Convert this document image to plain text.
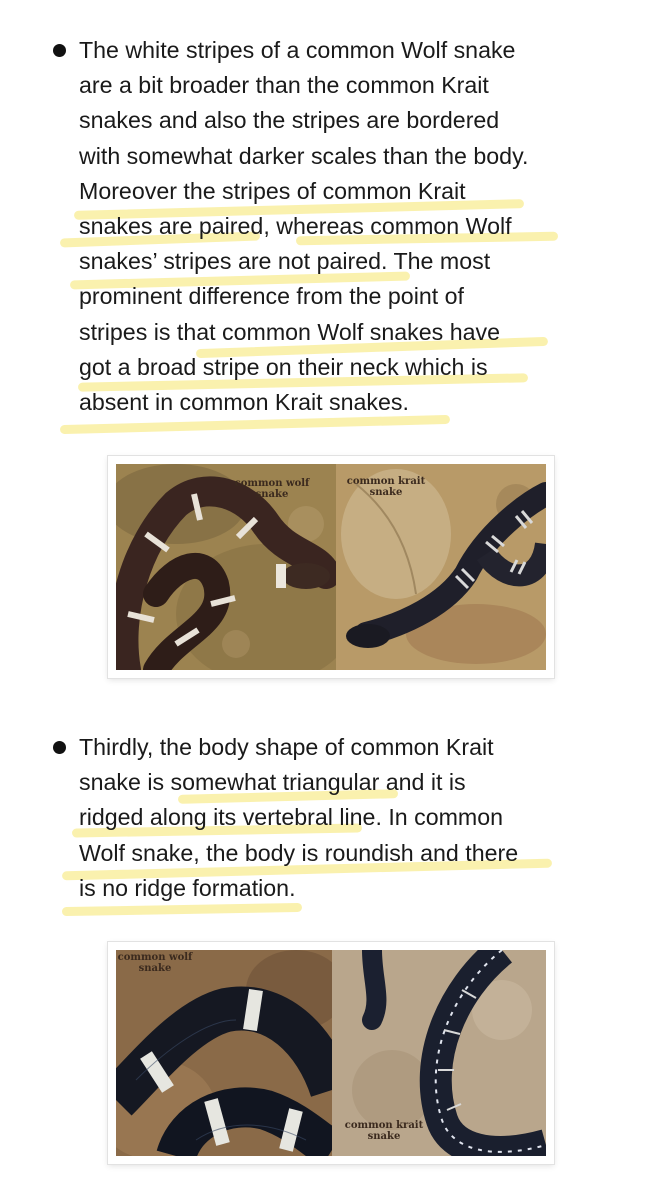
The white stripes of a common Wolf snake
are a bit broader than the common Krait
snakes and also the stripes are bordered
with somewhat darker scales than the body.
Moreover the stripes of common Krait
snakes are paired, whereas common Wolf
snakes’ stripes are not paired. The most
prominent difference from the point of
stripes is that common Wolf snakes have
got a broad stripe on their neck which is
absent in common Krait snakes.

common wolf
snake
common krait
snake

Thirdly, the body shape of common Krait
snake is somewhat triangular and it is
ridged along its vertebral line. In common
Wolf snake, the body is roundish and there
is no ridge formation.

common wolf
snake
common krait
snake
